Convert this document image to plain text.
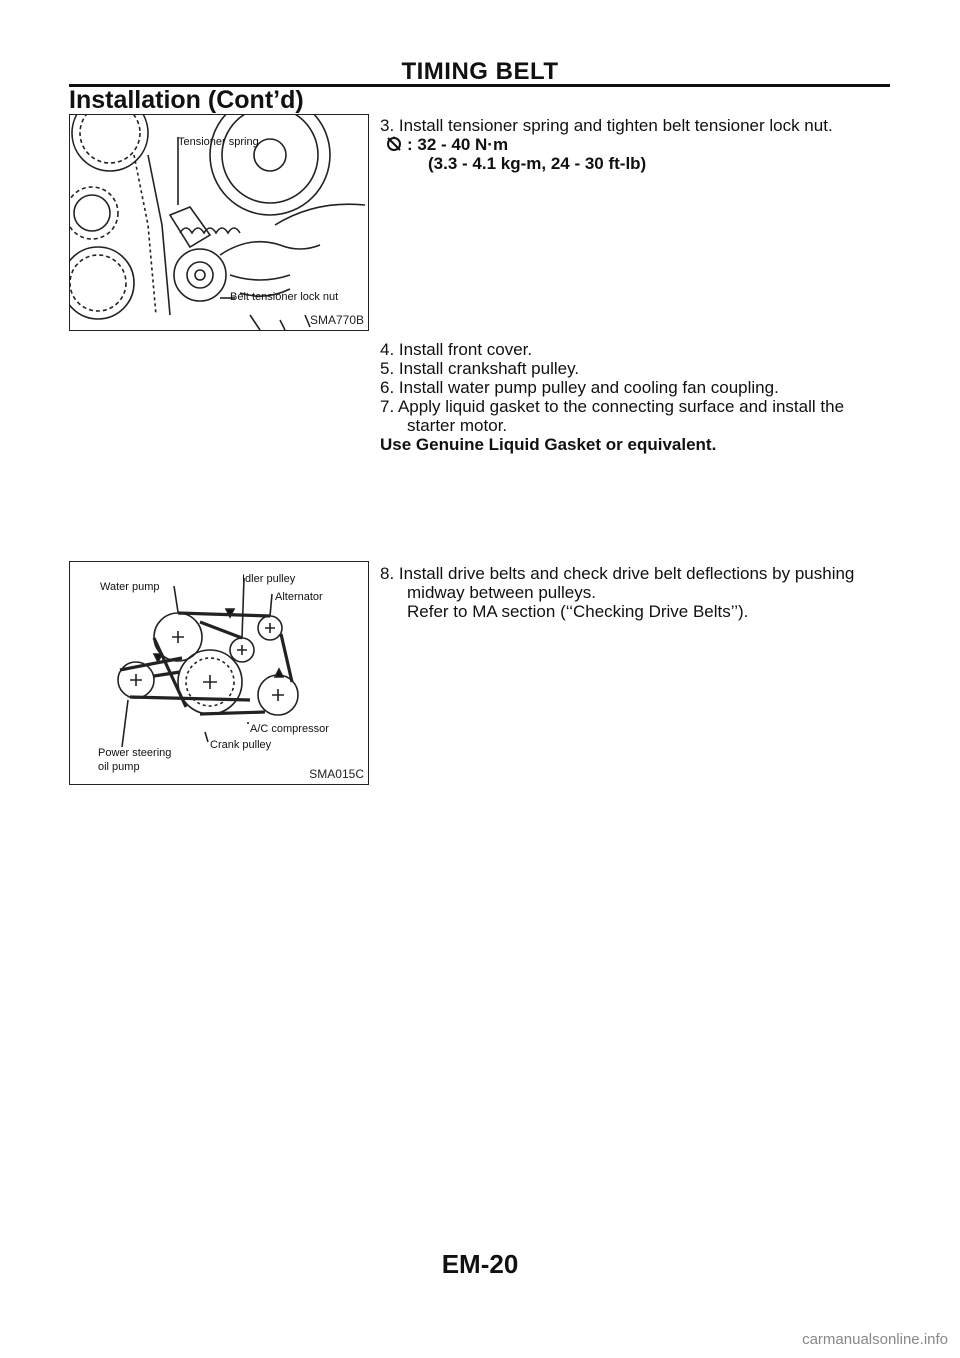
TIMING BELT
Installation (Cont’d)
Tensioner spring
Belt tensioner lock nut
SMA770B
3. Install tensioner spring and tighten belt tensioner lock nut.
: 32 - 40 N·m
(3.3 - 4.1 kg-m, 24 - 30 ft-lb)
4. Install front cover.
5. Install crankshaft pulley.
6. Install water pump pulley and cooling fan coupling.
7. Apply liquid gasket to the connecting surface and install the
starter motor.
Use Genuine Liquid Gasket or equivalent.
Water pump
Idler pulley
Alternator
A/C compressor
Crank pulley
Power steering
oil pump	SMA015C
8. Install drive belts and check drive belt deflections by pushing
midway between pulleys.
Refer to MA section (‘‘Checking Drive Belts’’).
EM-20
carmanualsonline.info
